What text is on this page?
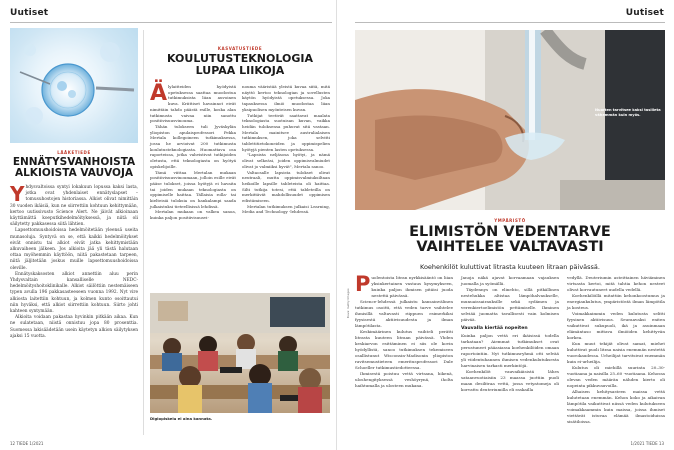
Uutiset
LÄÄKETIEDE
ENNÄTYSVANHOISTA
ALKIOISTA VAUVOJA
Y hdysvaltoissa syntyi lokakuun lopussa kaksi lasta, jotka ovat yhdenlaiset ennätyslapset – tomusuhostojen historiassa. Alkiot olivat nimittäin 30 vuoden ikäisiä, kun ne siirrettiin kohtuun kehittymään, kertoo uutissivusto Science Alert. Ne jäivät alkioinaan käyttämättä koeputkihedelmöityksessä, ja niitä oli säilytetty pakkasessa siitä lähtien.
Lapsettomuushoidoissa hedelmöitetään yleensä useita munasoluja. Syntyvä on se, että kaikki hedelmöitykset eivät onnistu tai alkiot eivät jatka kehittymistään alkuvaiheen jälkeen. Jos alkioita jää yli tästä halutaan ottaa myöhemmin käyttöön, niitä pakastetaan tarpeen, niitä jäljitetään joskus muille lapsettomuushoidoissa oleville.
Ennätyskaksosten alkiot annettiin aluu perin Yhdysvaltain kansalliselle NEDC-hedelmöityshoitoklinikalle. Alkiot säilöttiin nestemäiseen typen avulla 196 pakkasasteeseen vuonna 1992. Nyt vire alkiosta laitettiin kohtuun, ja kolmen kunto osoittautui niin hyväksi, että alkiot siirrettiin kohtuun. Siirto johti kahteen syntymään.
Alkioita voidaan pakastaa hyvinkin pitkään aikaa. Kun ne sulatetaan, niistä onnistuu jopa 80 prosenttia. Suomessa lakisäädetään usein käytetyn alkion säilytyksen ajaksi 15 vuotta.
KASVATUSTIEDE
KOULUTUSTEKNOLOGIA
LUPAA LIIKOJA
Ä lylaitteiden hyödyistä opetuksessa saattaa muodostua tutkimuksista liian auvoinen kuva. Kriittiset havainnot eivät nimittäin tahdo päästä esille, koska alan tutkimusta vaivaa niin sanottu positiivisuusvinouma.
Tähän tulokseen tuli Jyväskylän yliopiston apulaisprofessori Pekka Mertala kollegoineen tutkimuksessa, jossa he arvioivat 200 tutkimusta koulutusteknologiasta. Huomattava osa raporteissa, jotka vahvistivat tutkijoiden oletusta, että teknologiasta on hyötyä opiskelijoille.
Tämä viittaa Mertalan mukaan positiivisuusvinoumaan, jolloin esille eivät pääse tulokset, joissa hyötyjä ei havaita tai joiden mukaan teknologiasta on oppimiselle haittaa. Tällaisia rolla- tai kielteisiä tuloksia on hankalampi saada julkaistuksi tieteellisissä lehdissä.
Mertalan mukaan on valkea sanoa, kuinka paljon positiivisuusvi-
nouma vääristää yleistä kuvaa siitä, mitä näyttö kertoo teknologian ja sovellusten käytön hyödyistä opetuksessa. Joka tapauksessa ilmiö muodostaa liian yksipuolisen myönteisen kuvan.
Tutkijat teetivät saattavat maalata teknologiasta suotuisan kuvan, vaikka heidän tuloksensa puhuvat sitä vastaan. Mertala mainitsee australialaisen tutkimuksen, joka selvitti tablettitietokoneiden ja oppimispelien hyötyjä pienten lasten opetuksessa.
"Lapsista neljäsosa hyötyi, ja nämä olivat selkeäsi, joiden oppimisvalmiudet olivat jo valmiiksi hyvät", Mertala sanoo.
Valtaosalle lapsista tulokset olivat neutraali, mutta oppimisvalmiuksiltaan heikoille lapsille tableteista oli haittaa. Silti tutkija totesi, että tableteilla on merkittävät mahdollisuudet oppimisen edistämiseen.
Mertalan tutkimuksen julkaisi Learning, Media and Technology -lehdessä.
Digiopiskelu ei aina kannata.
12 TIEDE 1/2021
Uutiset
Nuorten tarvitsee kaksi tasilleta vähemmän kuin myös.
YMPÄRISTÖ
ELIMISTÖN VEDENTARVE
VAIHTELEE VALTAVASTI
Koehenkilöt kuluttivat litrasta kuuteen litraan päivässä.
Kuva: Getty Images
P uolentoista litran nyrkkisääntö on liian yksinkertainen vastaus kysymykseen, kuinka paljon ihmisen pitäisi juoda nestettä päivässä.
Science-lehdessä julkaistu kansainvälinen tutkimus osoitti, että veden tarve vaihtelee ihmisillä valtavasti riippuen esimerkiksi fyysisestä aktiivisuudesta ja ilman lämpötilasta.
Keskimäärinen kulutus vaihteli perätti litrasta kuuteen litraan päivässä. Yhden keskiarvon esittäminen ei siis ole kovin hyödyllistä, sanoo tutkimuksen tekemiseen osallistunut Wisconsin-Madisonin yliopiston ravitsemustieteen emeritusprofessori Dale Schoeller tutkimustiedotteessa.
Ihmisestä poistuu vettä virtsana, hikenä, uloshengityksessä veshöyrynä, iholta haihtumalla ja ulosteen mukana.
Janoja näkä ajavat korvaamaan vajauksen juomalla ja syömällä.
Täydennys on elinehto, sillä pitkällinen nestehukka altistaa lämpöhalvaukselle, munuaissairauksille sekä sydämen ja verenkiertoelimistön pettämiselle. Ihminen selviää juomatta tavallisesti vain kolmisen päivää.
Vauvalla kiertää nopeiten
Kuinka paljon vettä eri ikäisissä todella tarkataan? Aiemmat tutkimukset ovat perustuneet pääasiassa koehenkilöiden omaan raportointiin. Nyt tutkimusryhmä otti selvää yli viidentuhannen ihmisen vedenkulutuksesta harvinaisen tarkasti merkintöjä.
Koehenkilöt vauvaikäisistä lähes sataanvuotiaisiin 23 maassa juottiin puoli maan desilitraa vettä, jossa vetyatomeja oli korvattu deuteriumilla eli raskailla
vedyllä. Deuteriumin asteittainen häviäminen virtsasta kertoi, mitä tahtia kehon nesteet olivat korvautuneet uudella vedellä.
Koehenkilöillä mitattiin kehonkoostumus ja energiankulutus, ympäristöstä ilman lämpötila ja kosteus.
Voimakkaimmin veden kulutusta selitti fyysinen aktiivisuus. Seuraavaksi eniten vaikuttivat sukupuoli, ikä ja asuinmaan elämäntaso mittava ilmiöiden kehittyvän korkea.
Kun muut tekijät olivat samat, miehet kuluttivat puoli litraa naisia enemmän nestettä vuorokaudessa. Urheilijat tarvitsivat enemmän kuin ei-urheilija.
Kulutus oli miehillä suurinta 20–30-vuotiaana ja naisilla 25–60 -vuotiaana. Kehossa olevan veden määrän nähden kierto oli nopeinta pikkuvauvoilla.
Alhaisen kehitysasteen maissa vettä kulutetaan enemmän. Kehon koko ja aikaivan lämpötila vaikuttivat niissä veden kulutukseen voimakkaammin kuin maissa, joissa ihmiset viettävät istuvaa elämää ilmastoiduissa sisätiloissa.
1/2021 TIEDE 13
